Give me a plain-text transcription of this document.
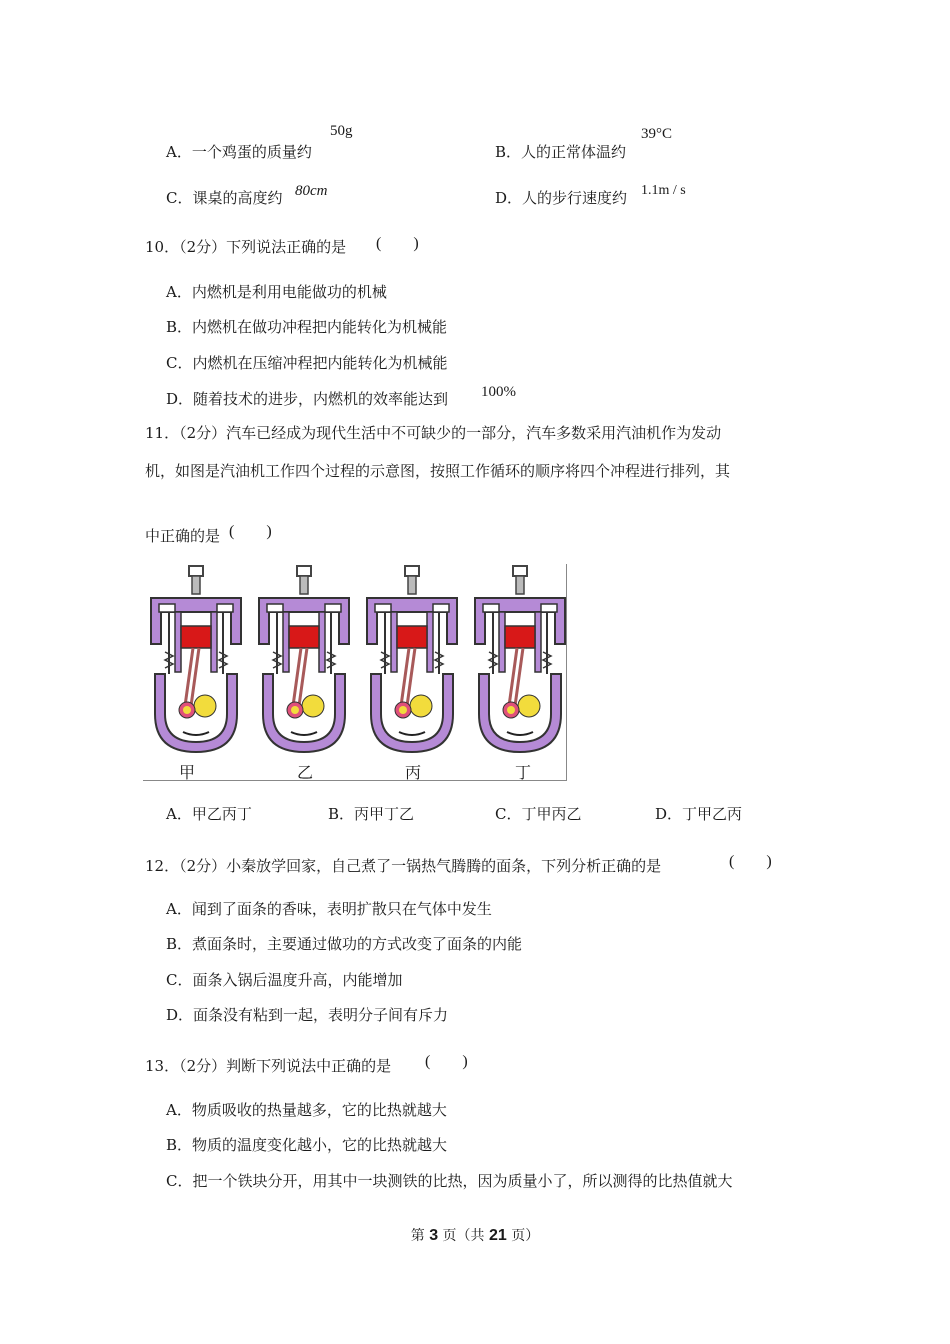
A．一个鸡蛋的质量约
50g
B．人的正常体温约
39°C
C．课桌的高度约 80cm	D．人的步行速度约 1.1m / s
10．（2分）下列说法正确的是 (　　)
A．内燃机是利用电能做功的机械
B．内燃机在做功冲程把内能转化为机械能
C．内燃机在压缩冲程把内能转化为机械能
D．随着技术的进步，内燃机的效率能达到 100%
11．（2分）汽车已经成为现代生活中不可缺少的一部分，汽车多数采用汽油机作为发动
机，如图是汽油机工作四个过程的示意图，按照工作循环的顺序将四个冲程进行排列，其
中正确的是 (　　)
甲	乙	丙	丁
A．甲乙丙丁	B．丙甲丁乙	C．丁甲丙乙	D．丁甲乙丙
12．（2分）小秦放学回家，自己煮了一锅热气腾腾的面条，下列分析正确的是	(　　)
A．闻到了面条的香味，表明扩散只在气体中发生
B．煮面条时，主要通过做功的方式改变了面条的内能
C．面条入锅后温度升高，内能增加
D．面条没有粘到一起，表明分子间有斥力
13．（2分）判断下列说法中正确的是 (　　)
A．物质吸收的热量越多，它的比热就越大
B．物质的温度变化越小，它的比热就越大
C．把一个铁块分开，用其中一块测铁的比热，因为质量小了，所以测得的比热值就大
第 3 页（共 21 页）
